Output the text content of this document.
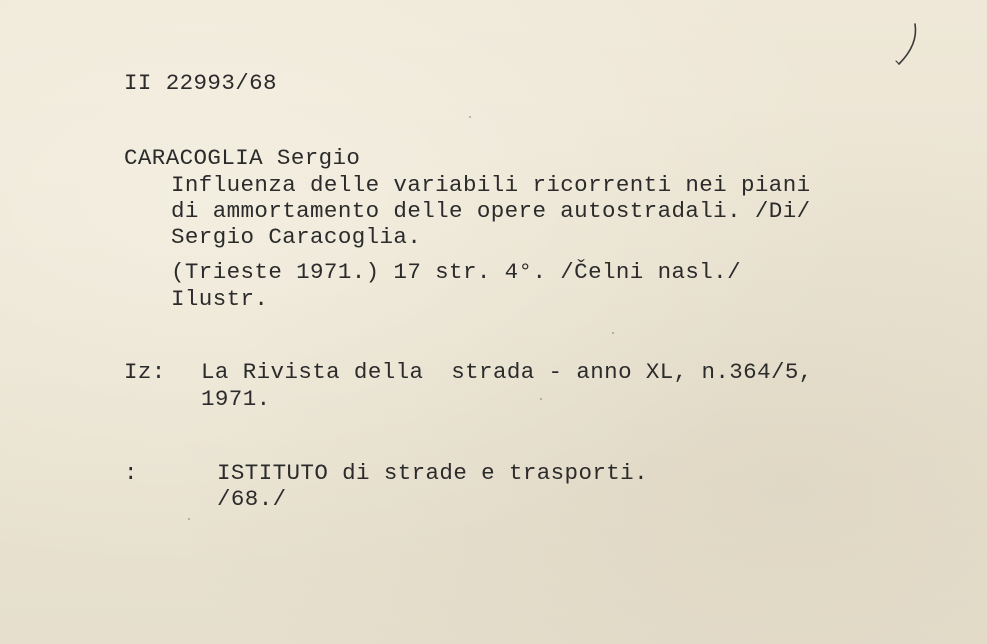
II 22993/68
CARACOGLIA Sergio
Influenza delle variabili ricorrenti nei piani
di ammortamento delle opere autostradali. /Di/
Sergio Caracoglia.
(Trieste 1971.) 17 str. 4°. /Čelni nasl./
Ilustr.
Iz: La Rivista della  strada - anno XL, n.364/5,
1971.
:	ISTITUTO di strade e trasporti.
/68./
